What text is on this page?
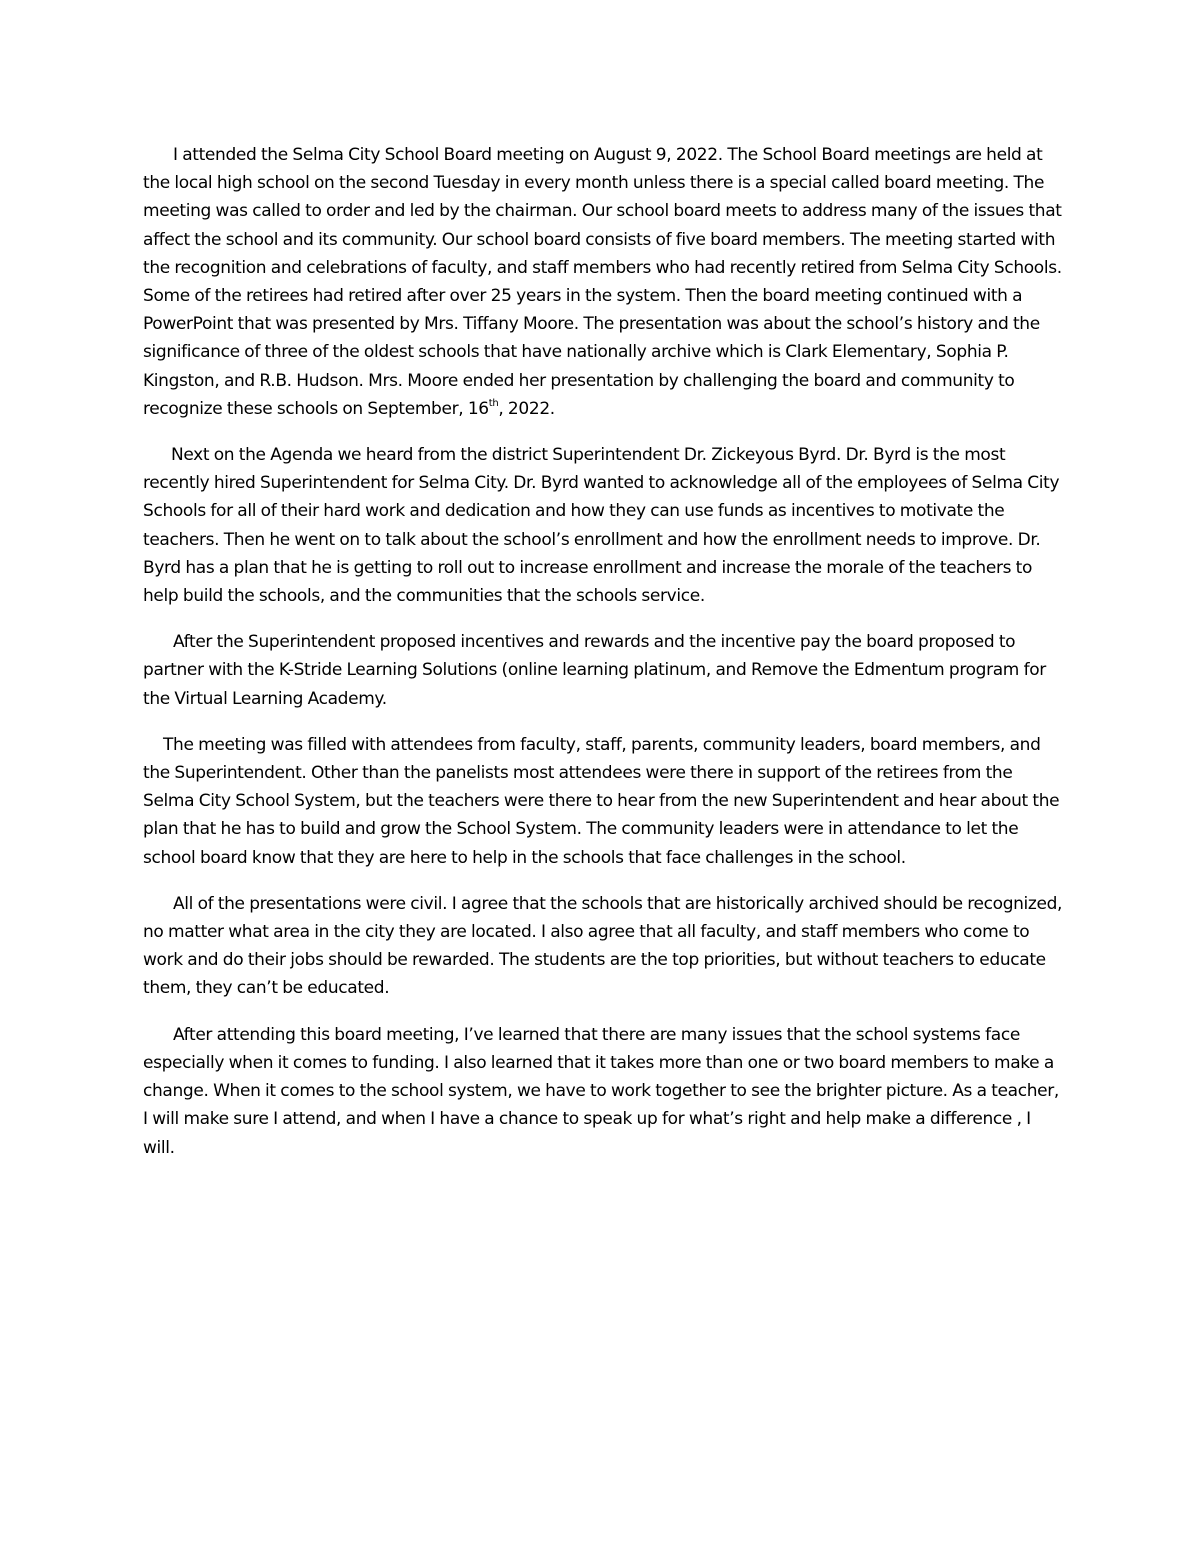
I attended the Selma City School Board meeting on August 9, 2022. The School Board meetings are held at the local high school on the second Tuesday in every month unless there is a special called board meeting. The meeting was called to order and led by the chairman. Our school board meets to address many of the issues that affect the school and its community. Our school board consists of five board members. The meeting started with the recognition and celebrations of faculty, and staff members who had recently retired from Selma City Schools. Some of the retirees had retired after over 25 years in the system. Then the board meeting continued with a PowerPoint that was presented by Mrs. Tiffany Moore. The presentation was about the school’s history and the significance of three of the oldest schools that have nationally archive which is Clark Elementary, Sophia P. Kingston, and R.B. Hudson. Mrs. Moore ended her presentation by challenging the board and community to recognize these schools on September, 16th, 2022.

Next on the Agenda we heard from the district Superintendent Dr. Zickeyous Byrd. Dr. Byrd is the most recently hired Superintendent for Selma City. Dr. Byrd wanted to acknowledge all of the employees of Selma City Schools for all of their hard work and dedication and how they can use funds as incentives to motivate the teachers. Then he went on to talk about the school’s enrollment and how the enrollment needs to improve. Dr. Byrd has a plan that he is getting to roll out to increase enrollment and increase the morale of the teachers to help build the schools, and the communities that the schools service.

After the Superintendent proposed incentives and rewards and the incentive pay the board proposed to partner with the K-Stride Learning Solutions (online learning platinum, and Remove the Edmentum program for the Virtual Learning Academy.

The meeting was filled with attendees from faculty, staff, parents, community leaders, board members, and the Superintendent. Other than the panelists most attendees were there in support of the retirees from the Selma City School System, but the teachers were there to hear from the new Superintendent and hear about the plan that he has to build and grow the School System. The community leaders were in attendance to let the school board know that they are here to help in the schools that face challenges in the school.

All of the presentations were civil. I agree that the schools that are historically archived should be recognized, no matter what area in the city they are located. I also agree that all faculty, and staff members who come to work and do their jobs should be rewarded. The students are the top priorities, but without teachers to educate them, they can’t be educated.

After attending this board meeting, I’ve learned that there are many issues that the school systems face especially when it comes to funding. I also learned that it takes more than one or two board members to make a change. When it comes to the school system, we have to work together to see the brighter picture. As a teacher, I will make sure I attend, and when I have a chance to speak up for what’s right and help make a difference , I will.
